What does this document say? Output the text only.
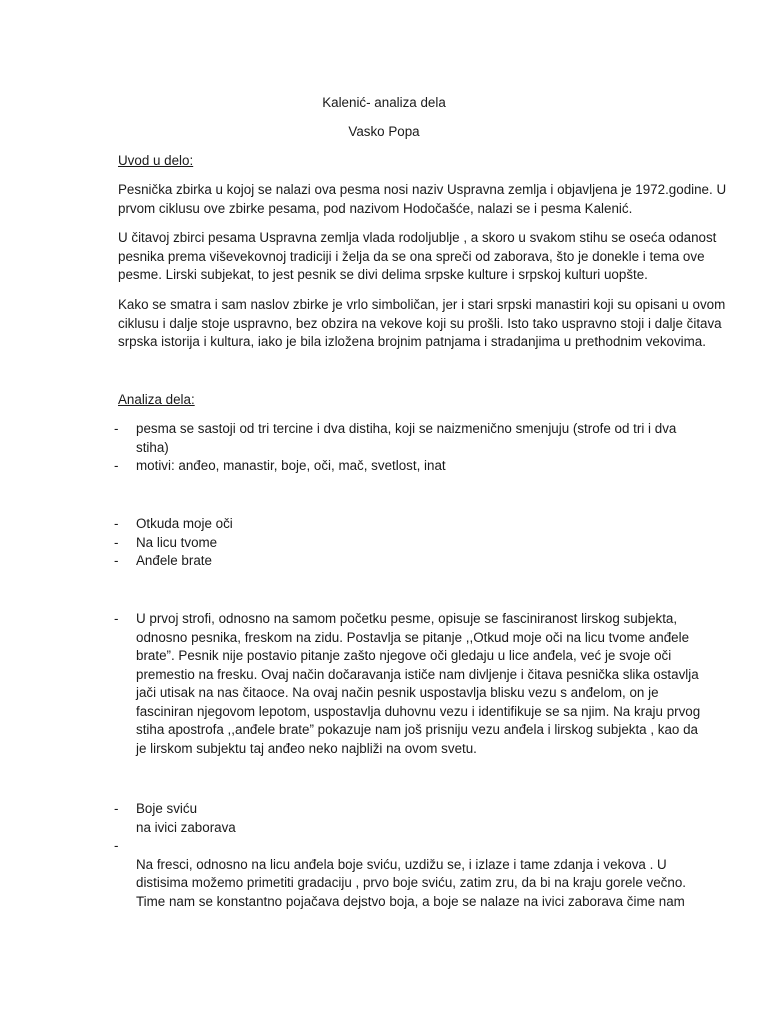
Kalenić- analiza dela
Vasko Popa
Uvod u delo:
Pesnička zbirka u kojoj se nalazi ova pesma nosi naziv Uspravna zemlja i objavljena je 1972.godine. U
prvom ciklusu ove zbirke pesama, pod nazivom Hodočašće, nalazi se i pesma Kalenić.
U čitavoj zbirci pesama Uspravna zemlja vlada rodoljublje , a skoro u svakom stihu se oseća odanost
pesnika prema viševekovnoj tradiciji i želja da se ona spreči od zaborava, što je donekle i tema ove
pesme. Lirski subjekat, to jest pesnik se divi delima srpske kulture i srpskoj kulturi uopšte.
Kako se smatra i sam naslov zbirke je vrlo simboličan, jer i stari srpski manastiri koji su opisani u ovom
ciklusu i dalje stoje uspravno, bez obzira na vekove koji su prošli. Isto tako uspravno stoji i dalje čitava
srpska istorija i kultura, iako je bila izložena brojnim patnjama i stradanjima u prethodnim vekovima.
Analiza dela:
- pesma se sastoji od tri tercine i dva distiha, koji se naizmenično smenjuju (strofe od tri i dva
stiha)
- motivi: anđeo, manastir, boje, oči, mač, svetlost, inat
- Otkuda moje oči
- Na licu tvome
- Anđele brate
- U prvoj strofi, odnosno na samom početku pesme, opisuje se fasciniranost lirskog subjekta,
odnosno pesnika, freskom na zidu. Postavlja se pitanje ,,Otkud moje oči na licu tvome anđele
brate”. Pesnik nije postavio pitanje zašto njegove oči gledaju u lice anđela, već je svoje oči
premestio na fresku. Ovaj način dočaravanja ističe nam divljenje i čitava pesnička slika ostavlja
jači utisak na nas čitaoce. Na ovaj način pesnik uspostavlja blisku vezu s anđelom, on je
fasciniran njegovom lepotom, uspostavlja duhovnu vezu i identifikuje se sa njim. Na kraju prvog
stiha apostrofa ,,anđele brate” pokazuje nam još prisniju vezu anđela i lirskog subjekta , kao da
je lirskom subjektu taj anđeo neko najbliži na ovom svetu.
- Boje sviću
na ivici zaborava
-
Na fresci, odnosno na licu anđela boje sviću, uzdižu se, i izlaze i tame zdanja i vekova . U
distisima možemo primetiti gradaciju , prvo boje sviću, zatim zru, da bi na kraju gorele večno.
Time nam se konstantno pojačava dejstvo boja, a boje se nalaze na ivici zaborava čime nam
